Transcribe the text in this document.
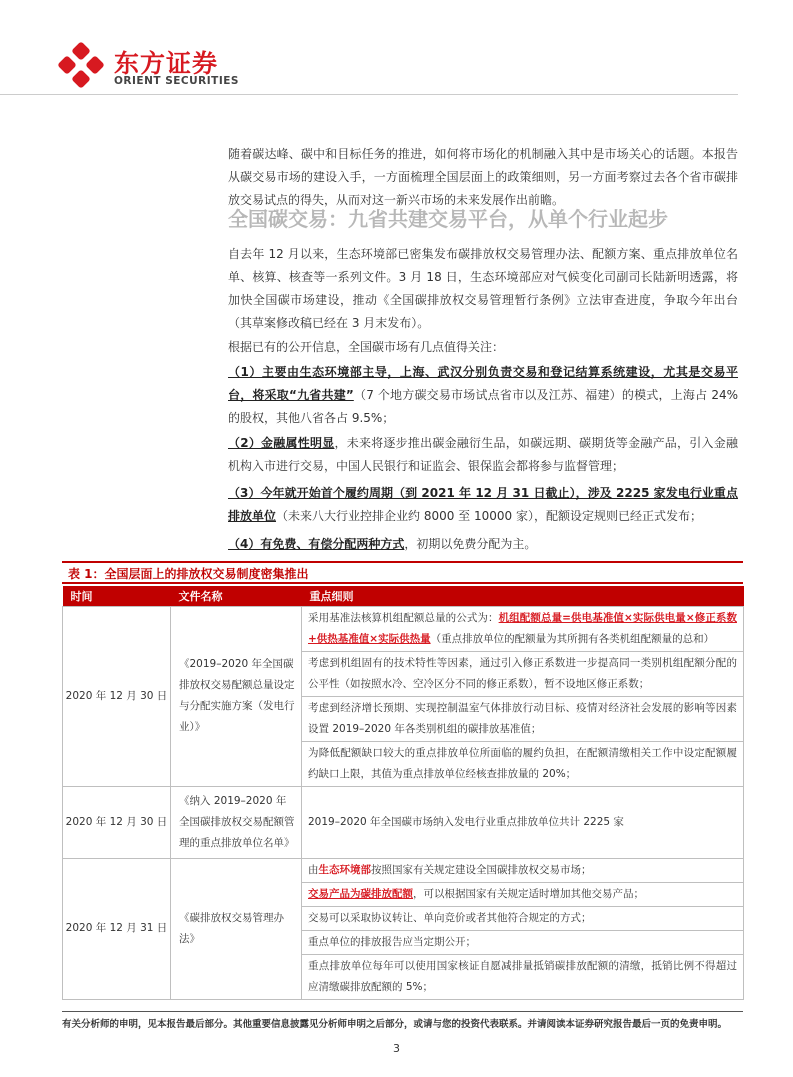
东方证券
ORIENT SECURITIES

随着碳达峰、碳中和目标任务的推进，如何将市场化的机制融入其中是市场关心的话题。本报告从碳交易市场的建设入手，一方面梳理全国层面上的政策细则，另一方面考察过去各个省市碳排放交易试点的得失，从而对这一新兴市场的未来发展作出前瞻。

全国碳交易：九省共建交易平台，从单个行业起步

自去年 12 月以来，生态环境部已密集发布碳排放权交易管理办法、配额方案、重点排放单位名单、核算、核查等一系列文件。3 月 18 日，生态环境部应对气候变化司副司长陆新明透露，将加快全国碳市场建设，推动《全国碳排放权交易管理暂行条例》立法审查进度，争取今年出台（其草案修改稿已经在 3 月末发布）。

根据已有的公开信息，全国碳市场有几点值得关注：

（1）主要由生态环境部主导，上海、武汉分别负责交易和登记结算系统建设，尤其是交易平台，将采取“九省共建”（7 个地方碳交易市场试点省市以及江苏、福建）的模式，上海占 24%的股权，其他八省各占 9.5%；

（2）金融属性明显，未来将逐步推出碳金融衍生品，如碳远期、碳期货等金融产品，引入金融机构入市进行交易，中国人民银行和证监会、银保监会都将参与监督管理；

（3）今年就开始首个履约周期（到 2021 年 12 月 31 日截止），涉及 2225 家发电行业重点排放单位（未来八大行业控排企业约 8000 至 10000 家），配额设定规则已经正式发布；

（4）有免费、有偿分配两种方式，初期以免费分配为主。

表 1：全国层面上的排放权交易制度密集推出
时间	文件名称	重点细则
2020 年 12 月 30 日	《2019–2020 年全国碳排放权交易配额总量设定与分配实施方案（发电行业）》	采用基准法核算机组配额总量的公式为：机组配额总量=供电基准值×实际供电量×修正系数+供热基准值×实际供热量（重点排放单位的配额量为其所拥有各类机组配额量的总和）
		考虑到机组固有的技术特性等因素，通过引入修正系数进一步提高同一类别机组配额分配的公平性（如按照水冷、空冷区分不同的修正系数），暂不设地区修正系数；
		考虑到经济增长预期、实现控制温室气体排放行动目标、疫情对经济社会发展的影响等因素设置 2019–2020 年各类别机组的碳排放基准值；
		为降低配额缺口较大的重点排放单位所面临的履约负担，在配额清缴相关工作中设定配额履约缺口上限，其值为重点排放单位经核查排放量的 20%；
2020 年 12 月 30 日	《纳入 2019–2020 年全国碳排放权交易配额管理的重点排放单位名单》	2019–2020 年全国碳市场纳入发电行业重点排放单位共计 2225 家
2020 年 12 月 31 日	《碳排放权交易管理办法》	由生态环境部按照国家有关规定建设全国碳排放权交易市场；
		交易产品为碳排放配额，可以根据国家有关规定适时增加其他交易产品；
		交易可以采取协议转让、单向竞价或者其他符合规定的方式；
		重点单位的排放报告应当定期公开；
		重点排放单位每年可以使用国家核证自愿减排量抵销碳排放配额的清缴，抵销比例不得超过应清缴碳排放配额的 5%；
有关分析师的申明，见本报告最后部分。其他重要信息披露见分析师申明之后部分，或请与您的投资代表联系。并请阅读本证券研究报告最后一页的免责申明。
3
